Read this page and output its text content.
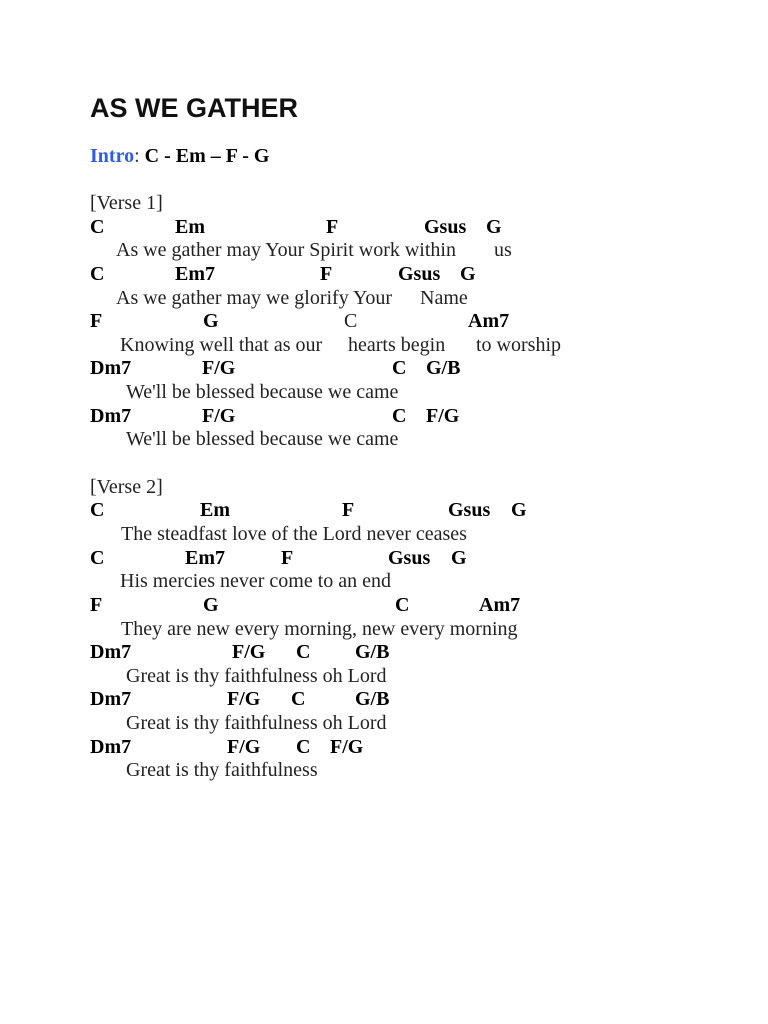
AS WE GATHER
Intro: C - Em – F - G
[Verse 1]
C	Em	F	Gsus G
As we gather may Your Spirit work within us
C	Em7	F	Gsus G
As we gather may we glorify Your Name
F	G	C	Am7
Knowing well that as our hearts begin to worship
Dm7	F/G	C G/B
We'll be blessed because we came
Dm7	F/G	C F/G
We'll be blessed because we came
[Verse 2]
C	Em	F	Gsus G
The steadfast love of the Lord never ceases
C	Em7	F	Gsus G
His mercies never come to an end
F	G	C	Am7
They are new every morning, new every morning
Dm7	F/G C G/B
Great is thy faithfulness oh Lord
Dm7	F/G C G/B
Great is thy faithfulness oh Lord
Dm7	F/G C F/G
Great is thy faithfulness
